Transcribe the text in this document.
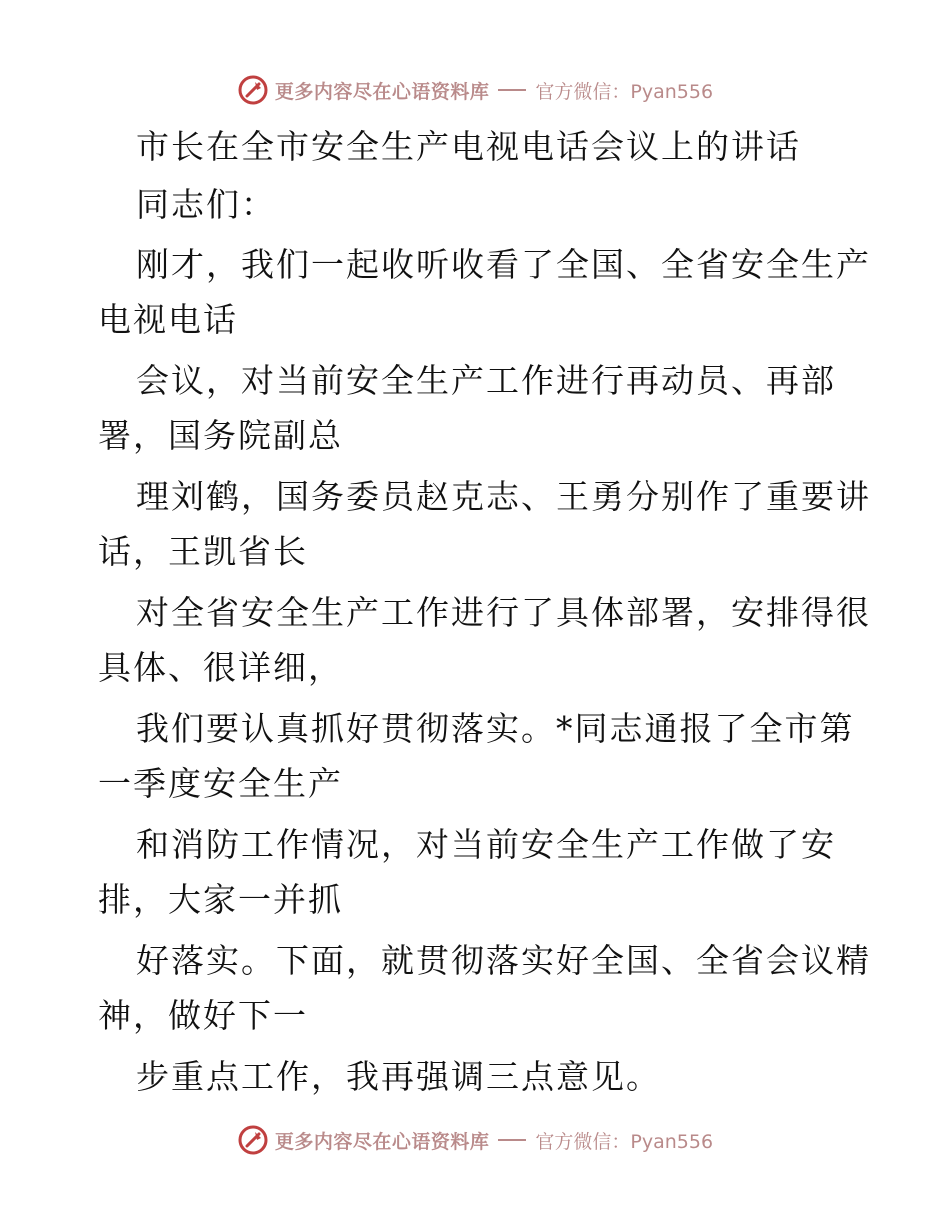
更多内容尽在心语资料库 官方微信：Pyan556
市长在全市安全生产电视电话会议上的讲话
同志们：
刚才，我们一起收听收看了全国、全省安全生产
电视电话
会议，对当前安全生产工作进行再动员、再部
署，国务院副总
理刘鹤，国务委员赵克志、王勇分别作了重要讲
话，王凯省长
对全省安全生产工作进行了具体部署，安排得很
具体、很详细，
我们要认真抓好贯彻落实。*同志通报了全市第
一季度安全生产
和消防工作情况，对当前安全生产工作做了安
排，大家一并抓
好落实。下面，就贯彻落实好全国、全省会议精
神，做好下一
步重点工作，我再强调三点意见。
更多内容尽在心语资料库 官方微信：Pyan556
